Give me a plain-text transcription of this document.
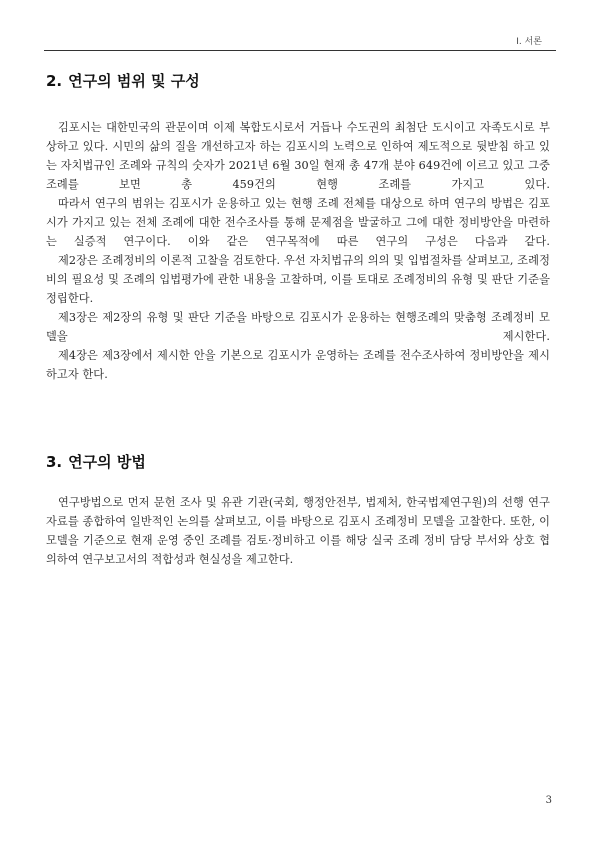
Ⅰ. 서론
2. 연구의 범위 및 구성

김포시는 대한민국의 관문이며 이제 복합도시로서 거듭나 수도권의 최첨단 도시이고 자족도시로 부상하고 있다. 시민의 삶의 질을 개선하고자 하는 김포시의 노력으로 인하여 제도적으로 뒷받침 하고 있는 자치법규인 조례와 규칙의 숫자가 2021년 6월 30일 현재 총 47개 분야 649건에 이르고 있고 그중 조례를 보면 총 459건의 현행 조례를 가지고 있다.

따라서 연구의 범위는 김포시가 운용하고 있는 현행 조례 전체를 대상으로 하며 연구의 방법은 김포시가 가지고 있는 전체 조례에 대한 전수조사를 통해 문제점을 발굴하고 그에 대한 정비방안을 마련하는 실증적 연구이다. 이와 같은 연구목적에 따른 연구의 구성은 다음과 같다.

제2장은 조례정비의 이론적 고찰을 검토한다. 우선 자치법규의 의의 및 입법절차를 살펴보고, 조례정비의 필요성 및 조례의 입법평가에 관한 내용을 고찰하며, 이를 토대로 조례정비의 유형 및 판단 기준을 정립한다.

제3장은 제2장의 유형 및 판단 기준을 바탕으로 김포시가 운용하는 현행조례의 맞춤형 조례정비 모델을 제시한다.

제4장은 제3장에서 제시한 안을 기본으로 김포시가 운영하는 조례를 전수조사하여 정비방안을 제시하고자 한다.

3. 연구의 방법

연구방법으로 먼저 문헌 조사 및 유관 기관(국회, 행정안전부, 법제처, 한국법제연구원)의 선행 연구자료를 종합하여 일반적인 논의를 살펴보고, 이를 바탕으로 김포시 조례정비 모델을 고찰한다. 또한, 이 모델을 기준으로 현재 운영 중인 조례를 검토·정비하고 이를 해당 실국 조례 정비 담당 부서와 상호 협의하여 연구보고서의 적합성과 현실성을 제고한다.

3
